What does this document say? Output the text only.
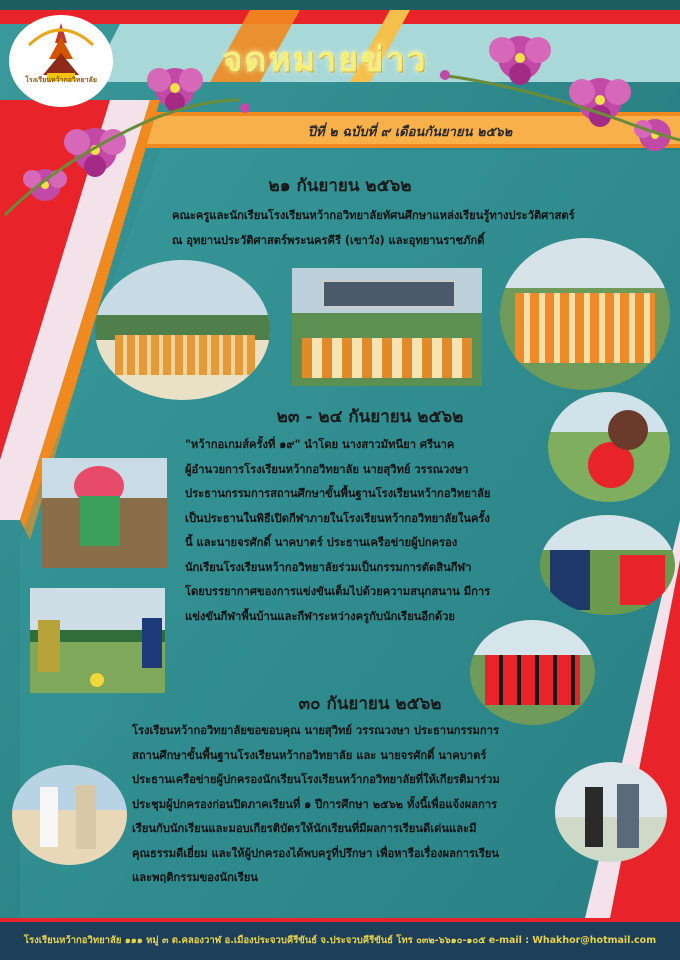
โรงเรียนหว้ากอวิทยาลัย	จดหมายข่าว
ปีที่ ๒ ฉบับที่ ๙ เดือนกันยายน ๒๕๖๒
๒๑ กันยายน ๒๕๖๒
คณะครูและนักเรียนโรงเรียนหว้ากอวิทยาลัยทัศนศึกษาแหล่งเรียนรู้ทางประวัติศาสตร์
ณ อุทยานประวัติศาสตร์พระนครคีรี (เขาวัง) และอุทยานราชภักดิ์
๒๓ - ๒๔ กันยายน ๒๕๖๒
"หว้ากอเกมส์ครั้งที่ ๑๙" นำโดย นางสาวมัทนียา ศรีนาค
ผู้อำนวยการโรงเรียนหว้ากอวิทยาลัย นายสุวิทย์ วรรณวงษา
ประธานกรรมการสถานศึกษาขั้นพื้นฐานโรงเรียนหว้ากอวิทยาลัย
เป็นประธานในพิธีเปิดกีฬาภายในโรงเรียนหว้ากอวิทยาลัยในครั้ง
นี้ และนายจรศักดิ์ นาคบาตร์ ประธานเครือข่ายผู้ปกครอง
นักเรียนโรงเรียนหว้ากอวิทยาลัยร่วมเป็นกรรมการตัดสินกีฬา
โดยบรรยากาศของการแข่งขันเต็มไปด้วยความสนุกสนาน มีการ
แข่งขันกีฬาพื้นบ้านและกีฬาระหว่างครูกับนักเรียนอีกด้วย
๓๐ กันยายน ๒๕๖๒
โรงเรียนหว้ากอวิทยาลัยขอขอบคุณ นายสุวิทย์ วรรณวงษา ประธานกรรมการ
สถานศึกษาขั้นพื้นฐานโรงเรียนหว้ากอวิทยาลัย และ นายจรศักดิ์ นาคบาตร์
ประธานเครือข่ายผู้ปกครองนักเรียนโรงเรียนหว้ากอวิทยาลัยที่ให้เกียรติมาร่วม
ประชุมผู้ปกครองก่อนปิดภาคเรียนที่ ๑ ปีการศึกษา ๒๕๖๒ ทั้งนี้เพื่อแจ้งผลการ
เรียนกับนักเรียนและมอบเกียรติบัตรให้นักเรียนที่มีผลการเรียนดีเด่นและมี
คุณธรรมดีเยี่ยม และให้ผู้ปกครองได้พบครูที่ปรึกษา เพื่อหารือเรื่องผลการเรียน
และพฤติกรรมของนักเรียน
โรงเรียนหว้ากอวิทยาลัย ๑๑๑ หมู่ ๓ ต.คลองวาฬ อ.เมืองประจวบคีรีขันธ์ จ.ประจวบคีรีขันธ์ โทร ๐๓๒-๖๖๑๐-๑๐๕ e-mail : Whakhor@hotmail.com
